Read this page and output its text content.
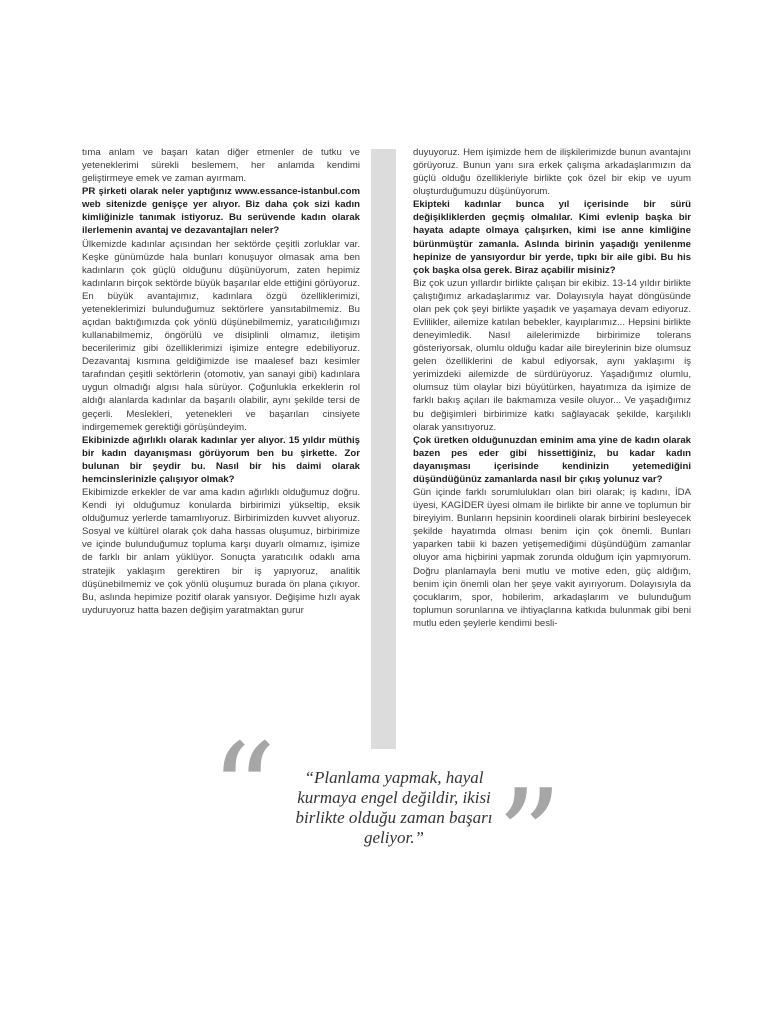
tıma anlam ve başarı katan diğer etmenler de tutku ve yeteneklerimi sürekli beslemem, her anlamda kendimi geliştirmeye emek ve zaman ayırmam.

PR şirketi olarak neler yaptığınız www.essance-istanbul.com web sitenizde genişçe yer alıyor. Biz daha çok sizi kadın kimliğinizle tanımak istiyoruz. Bu serüvende kadın olarak ilerlemenin avantaj ve dezavantajları neler?

Ülkemizde kadınlar açısından her sektörde çeşitli zorluklar var. Keşke günümüzde hala bunları konuşuyor olmasak ama ben kadınların çok güçlü olduğunu düşünüyorum, zaten hepimiz kadınların birçok sektörde büyük başarılar elde ettiğini görüyoruz. En büyük avantajımız, kadınlara özgü özelliklerimizi, yeteneklerimizi bulunduğumuz sektörlere yansıtabilmemiz. Bu açıdan baktığımızda çok yönlü düşünebilmemiz, yaratıcılığımızı kullanabilmemiz, öngörülü ve disiplinli olmamız, iletişim becerilerimiz gibi özelliklerimizi işimize entegre edebiliyoruz. Dezavantaj kısmına geldiğimizde ise maalesef bazı kesimler tarafından çeşitli sektörlerin (otomotiv, yan sanayi gibi) kadınlara uygun olmadığı algısı hala sürüyor. Çoğunlukla erkeklerin rol aldığı alanlarda kadınlar da başarılı olabilir, aynı şekilde tersi de geçerli. Meslekleri, yetenekleri ve başarıları cinsiyete indirgememek gerektiği görüşündeyim.

Ekibinizde ağırlıklı olarak kadınlar yer alıyor. 15 yıldır müthiş bir kadın dayanışması görüyorum ben bu şirkette. Zor bulunan bir şeydir bu. Nasıl bir his daimi olarak hemcinslerinizle çalışıyor olmak?

Ekibimizde erkekler de var ama kadın ağırlıklı olduğumuz doğru. Kendi iyi olduğumuz konularda birbirimizi yükseltip, eksik olduğumuz yerlerde tamamlıyoruz. Birbirimizden kuvvet alıyoruz. Sosyal ve kültürel olarak çok daha hassas oluşumuz, birbirimize ve içinde bulunduğumuz topluma karşı duyarlı olmamız, işimize de farklı bir anlam yüklüyor. Sonuçta yaratıcılık odaklı ama stratejik yaklaşım gerektiren bir iş yapıyoruz, analitik düşünebilmemiz ve çok yönlü oluşumuz burada ön plana çıkıyor. Bu, aslında hepimize pozitif olarak yansıyor. Değişime hızlı ayak uyduruyoruz hatta bazen değişim yaratmaktan gurur

duyuyoruz. Hem işimizde hem de ilişkilerimizde bunun avantajını görüyoruz. Bunun yanı sıra erkek çalışma arkadaşlarımızın da güçlü olduğu özellikleriyle birlikte çok özel bir ekip ve uyum oluşturduğumuzu düşünüyorum.

Ekipteki kadınlar bunca yıl içerisinde bir sürü değişikliklerden geçmiş olmalılar. Kimi evlenip başka bir hayata adapte olmaya çalışırken, kimi ise anne kimliğine bürünmüştür zamanla. Aslında birinin yaşadığı yenilenme hepinize de yansıyordur bir yerde, tıpkı bir aile gibi. Bu his çok başka olsa gerek. Biraz açabilir misiniz?

Biz çok uzun yıllardır birlikte çalışan bir ekibiz. 13-14 yıldır birlikte çalıştığımız arkadaşlarımız var. Dolayısıyla hayat döngüsünde olan pek çok şeyi birlikte yaşadık ve yaşamaya devam ediyoruz. Evlilikler, ailemize katılan bebekler, kayıplarımız... Hepsini birlikte deneyimledik. Nasıl ailelerimizde birbirimize tolerans gösteriyorsak, olumlu olduğu kadar aile bireylerinin bize olumsuz gelen özelliklerini de kabul ediyorsak, aynı yaklaşımı iş yerimizdeki ailemizde de sürdürüyoruz. Yaşadığımız olumlu, olumsuz tüm olaylar bizi büyütürken, hayatımıza da işimize de farklı bakış açıları ile bakmamıza vesile oluyor... Ve yaşadığımız bu değişimleri birbirimize katkı sağlayacak şekilde, karşılıklı olarak yansıtıyoruz.

Çok üretken olduğunuzdan eminim ama yine de kadın olarak bazen pes eder gibi hissettiğiniz, bu kadar kadın dayanışması içerisinde kendinizin yetemediğini düşündüğünüz zamanlarda nasıl bir çıkış yolunuz var?

Gün içinde farklı sorumlulukları olan biri olarak; iş kadını, İDA üyesi, KAGİDER üyesi olmam ile birlikte bir anne ve toplumun bir bireyiyim. Bunların hepsinin koordineli olarak birbirini besleyecek şekilde hayatımda olması benim için çok önemli. Bunları yaparken tabii ki bazen yetişemediğimi düşündüğüm zamanlar oluyor ama hiçbirini yapmak zorunda olduğum için yapmıyorum. Doğru planlamayla beni mutlu ve motive eden, güç aldığım, benim için önemli olan her şeye vakit ayırıyorum. Dolayısıyla da çocuklarım, spor, hobilerim, arkadaşlarım ve bulunduğum toplumun sorunlarına ve ihtiyaçlarına katkıda bulunmak gibi beni mutlu eden şeylerle kendimi besli-

“	“Planlama yapmak, hayal
kurmaya engel değildir, ikisi
birlikte olduğu zaman başarı
geliyor.” ”
